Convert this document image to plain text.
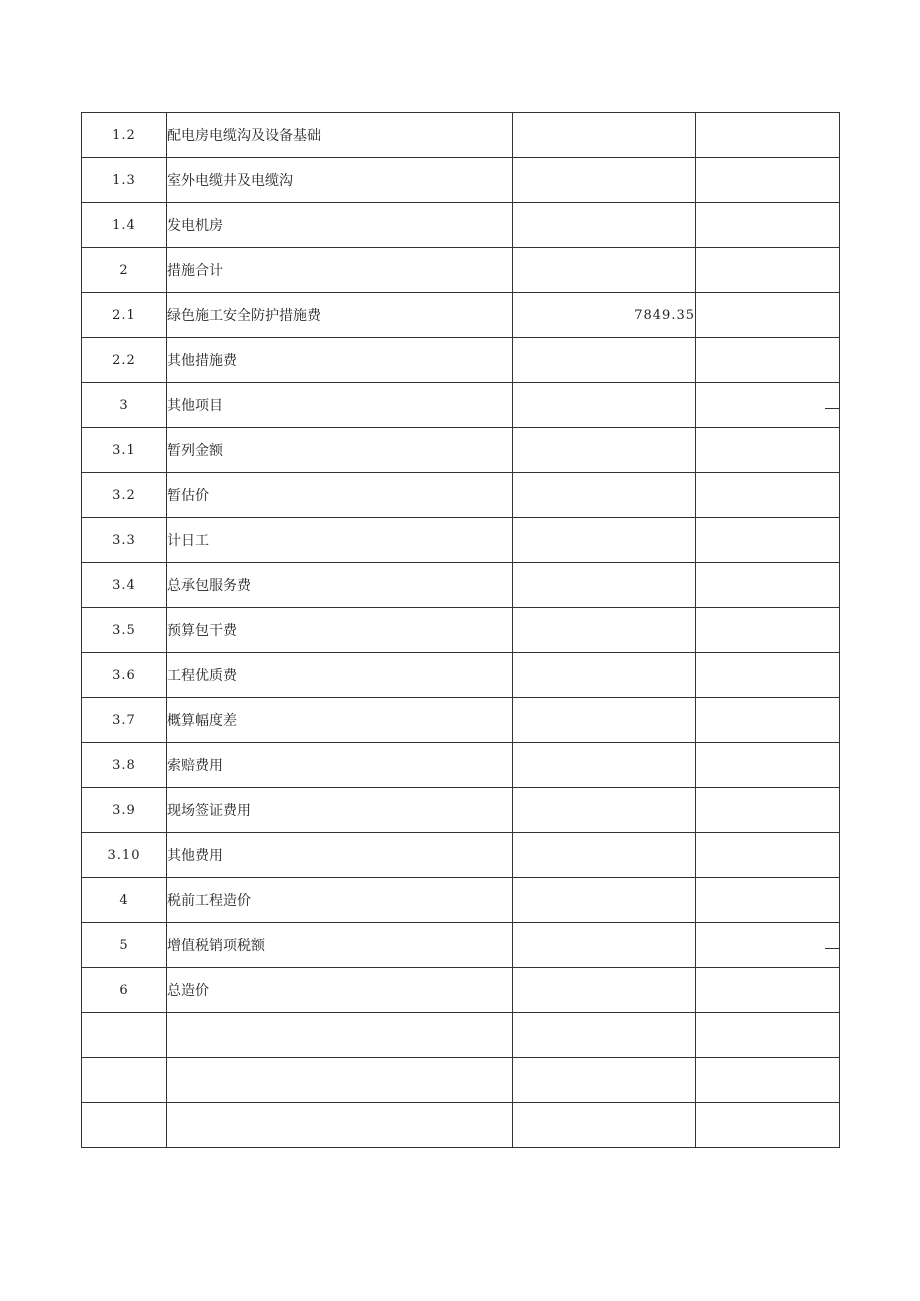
1.2	配电房电缆沟及设备基础		
1.3	室外电缆井及电缆沟		
1.4	发电机房		
2	措施合计		
2.1	绿色施工安全防护措施费	7849.35	
2.2	其他措施费		
3	其他项目		

3.1	暂列金额		
3.2	暂估价		
3.3	计日工		
3.4	总承包服务费		
3.5	预算包干费		
3.6	工程优质费		
3.7	概算幅度差		
3.8	索赔费用		
3.9	现场签证费用		
3.10	其他费用		
4	税前工程造价		
5	增值税销项税额		

6	总造价		
